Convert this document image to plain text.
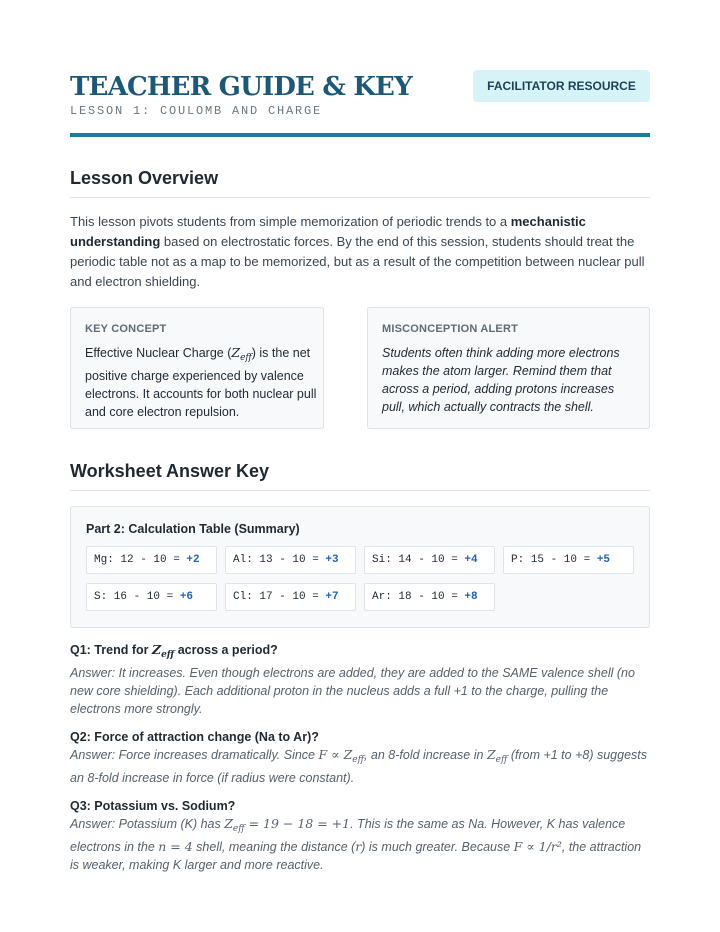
TEACHER GUIDE & KEY
LESSON 1: COULOMB AND CHARGE
FACILITATOR RESOURCE
Lesson Overview

This lesson pivots students from simple memorization of periodic trends to a mechanistic understanding based on electrostatic forces. By the end of this session, students should treat the periodic table not as a map to be memorized, but as a result of the competition between nuclear pull and electron shielding.

KEY CONCEPT

Effective Nuclear Charge $(Z_{eff})$ is the net positive charge experienced by valence electrons. It accounts for both nuclear pull and core electron repulsion.

MISCONCEPTION ALERT

Students often think adding more electrons makes the atom larger. Remind them that across a period, adding protons increases pull, which actually contracts the shell.

Worksheet Answer Key
Part 2: Calculation Table (Summary)
Mg: 12 - 10 = +2	Al: 13 - 10 = +3	Si: 14 - 10 = +4	P: 15 - 10 = +5
S: 16 - 10 = +6	Cl: 17 - 10 = +7	Ar: 18 - 10 = +8

Q1: Trend for $Z_{eff}$ across a period?

Answer: It increases. Even though electrons are added, they are added to the SAME valence shell (no new core shielding). Each additional proton in the nucleus adds a full +1 to the charge, pulling the electrons more strongly.

Q2: Force of attraction change (Na to Ar)?

Answer: Force increases dramatically. Since $F \propto Z_{eff}$, an 8-fold increase in $Z_{eff}$ (from +1 to +8) suggests an 8-fold increase in force (if radius were constant).

Q3: Potassium vs. Sodium?

Answer: Potassium (K) has $Z_{eff} = 19 - 18 = +1$. This is the same as Na. However, K has valence electrons in the n = 4 shell, meaning the distance (r) is much greater. Because F ∝ 1/r², the attraction is weaker, making K larger and more reactive.
